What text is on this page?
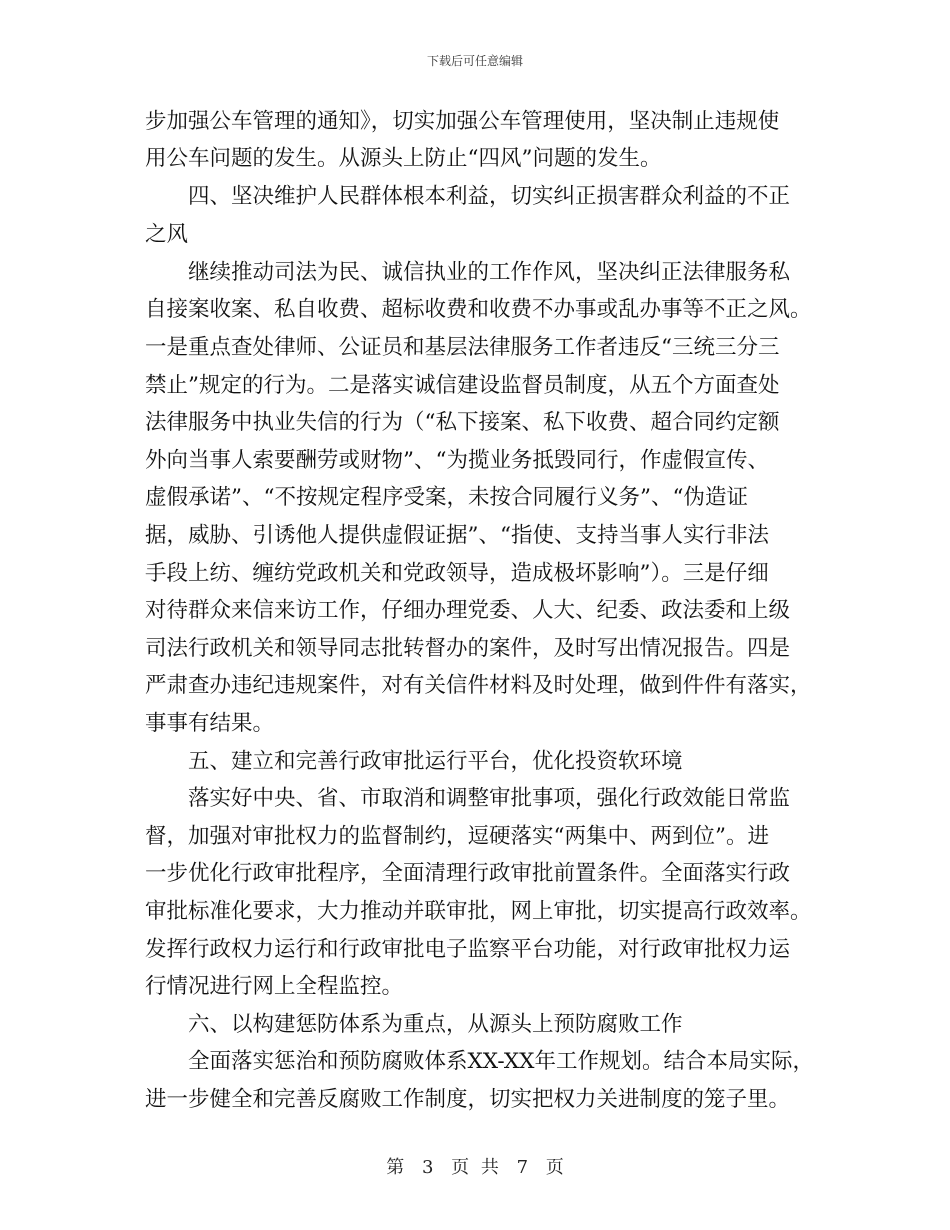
下载后可任意编辑
步加强公车管理的通知》，切实加强公车管理使用，坚决制止违规使
用公车问题的发生。从源头上防止“四风”问题的发生。
四、坚决维护人民群体根本利益，切实纠正损害群众利益的不正
之风
继续推动司法为民、诚信执业的工作作风，坚决纠正法律服务私
自接案收案、私自收费、超标收费和收费不办事或乱办事等不正之风。
一是重点查处律师、公证员和基层法律服务工作者违反“三统三分三
禁止”规定的行为。二是落实诚信建设监督员制度，从五个方面查处
法律服务中执业失信的行为（“私下接案、私下收费、超合同约定额
外向当事人索要酬劳或财物”、“为揽业务抵毁同行，作虚假宣传、
虚假承诺”、“不按规定程序受案，未按合同履行义务”、“伪造证
据，威胁、引诱他人提供虚假证据”、“指使、支持当事人实行非法
手段上纺、缠纺党政机关和党政领导，造成极坏影响”）。三是仔细
对待群众来信来访工作，仔细办理党委、人大、纪委、政法委和上级
司法行政机关和领导同志批转督办的案件，及时写出情况报告。四是
严肃查办违纪违规案件，对有关信件材料及时处理，做到件件有落实，
事事有结果。
五、建立和完善行政审批运行平台，优化投资软环境
落实好中央、省、市取消和调整审批事项，强化行政效能日常监
督，加强对审批权力的监督制约，逗硬落实“两集中、两到位”。进
一步优化行政审批程序，全面清理行政审批前置条件。全面落实行政
审批标准化要求，大力推动并联审批，网上审批，切实提高行政效率。
发挥行政权力运行和行政审批电子监察平台功能，对行政审批权力运
行情况进行网上全程监控。
六、以构建惩防体系为重点，从源头上预防腐败工作
全面落实惩治和预防腐败体系XX-XX年工作规划。结合本局实际，
进一步健全和完善反腐败工作制度，切实把权力关进制度的笼子里。
第 3 页 共 7 页
